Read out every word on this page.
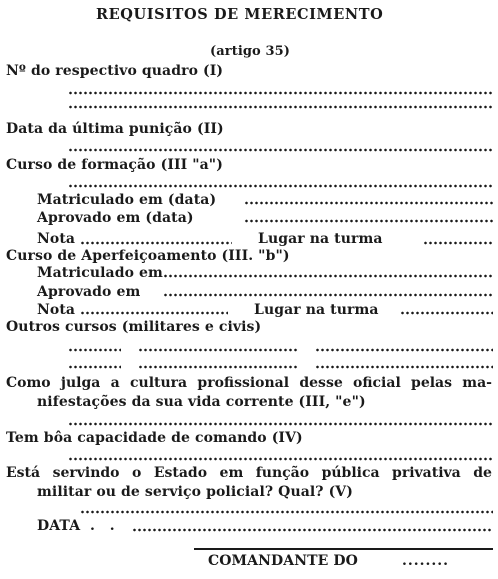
REQUISITOS DE MERECIMENTO
(artigo 35)
Nº do respectivo quadro (I)
Data da última punição (II)
Curso de formação (III "a")
Matriculado em (data)
Aprovado em (data)
Nota	Lugar na turma
Curso de Aperfeiçoamento (III. "b")
Matriculado em
Aprovado em
Nota	Lugar na turma
Outros cursos (militares e civis)
Como julga a cultura profissional desse oficial pelas ma-
nifestações da sua vida corrente (III, "e")
Tem bôa capacidade de comando (IV)
Está servindo o Estado em função pública privativa de
militar ou de serviço policial? Qual? (V)
DATA . .
COMANDANTE DO	........
